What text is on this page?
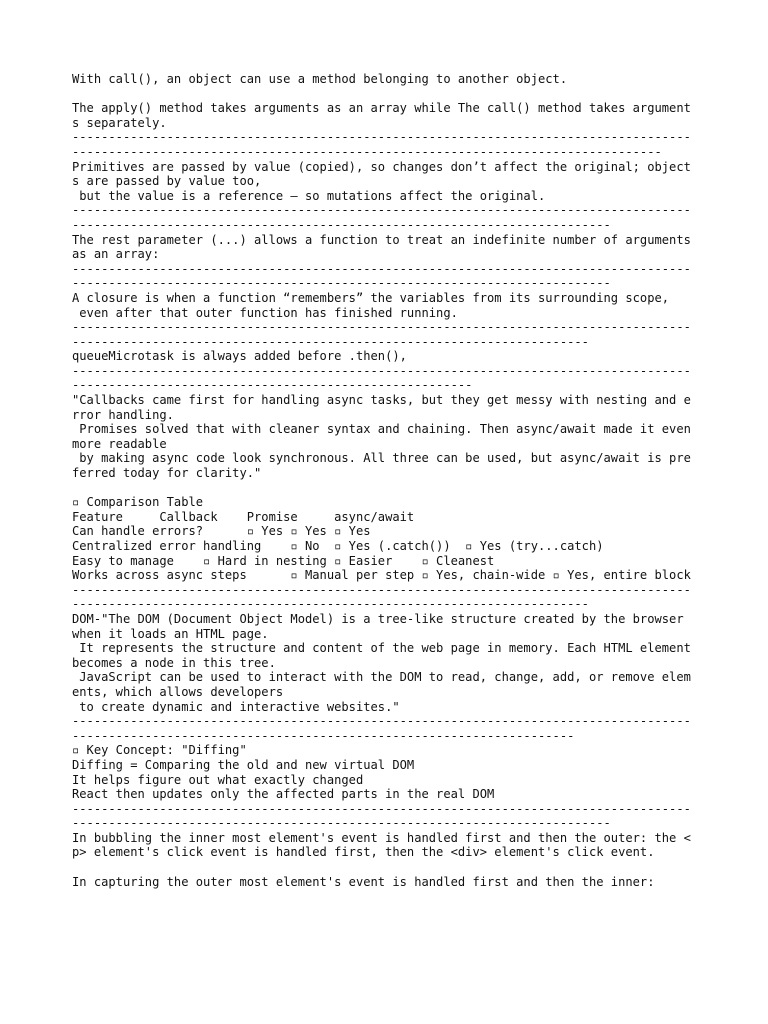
With call(), an object can use a method belonging to another object.
The apply() method takes arguments as an array while The call() method takes arguments separately.
----------------------------------------------------------------------------------------------------------------------------------------------------------------------
Primitives are passed by value (copied), so changes don’t affect the original; objects are passed by value too,
but the value is a reference — so mutations affect the original.
---------------------------------------------------------------------------------------------------------------------------------------------------------------
The rest parameter (...) allows a function to treat an indefinite number of arguments as an array:
---------------------------------------------------------------------------------------------------------------------------------------------------------------
A closure is when a function “remembers” the variables from its surrounding scope,
even after that outer function has finished running.
------------------------------------------------------------------------------------------------------------------------------------------------------------
queueMicrotask is always added before .then(),
--------------------------------------------------------------------------------------------------------------------------------------------
"Callbacks came first for handling async tasks, but they get messy with nesting and error handling.
Promises solved that with cleaner syntax and chaining. Then async/await made it even more readable
by making async code look synchronous. All three can be used, but async/await is preferred today for clarity."
▫ Comparison Table
Feature     Callback    Promise     async/await
Can handle errors?      ▫ Yes ▫ Yes ▫ Yes
Centralized error handling    ▫ No  ▫ Yes (.catch())  ▫ Yes (try...catch)
Easy to manage    ▫ Hard in nesting ▫ Easier    ▫ Cleanest
Works across async steps      ▫ Manual per step ▫ Yes, chain-wide ▫ Yes, entire block
------------------------------------------------------------------------------------------------------------------------------------------------------------
DOM-"The DOM (Document Object Model) is a tree-like structure created by the browser when it loads an HTML page.
It represents the structure and content of the web page in memory. Each HTML element becomes a node in this tree.
JavaScript can be used to interact with the DOM to read, change, add, or remove elements, which allows developers
to create dynamic and interactive websites."
----------------------------------------------------------------------------------------------------------------------------------------------------------
▫ Key Concept: "Diffing"
Diffing = Comparing the old and new virtual DOM
It helps figure out what exactly changed
React then updates only the affected parts in the real DOM
---------------------------------------------------------------------------------------------------------------------------------------------------------------
In bubbling the inner most element's event is handled first and then the outer: the <p> element's click event is handled first, then the <div> element's click event.
In capturing the outer most element's event is handled first and then the inner:
